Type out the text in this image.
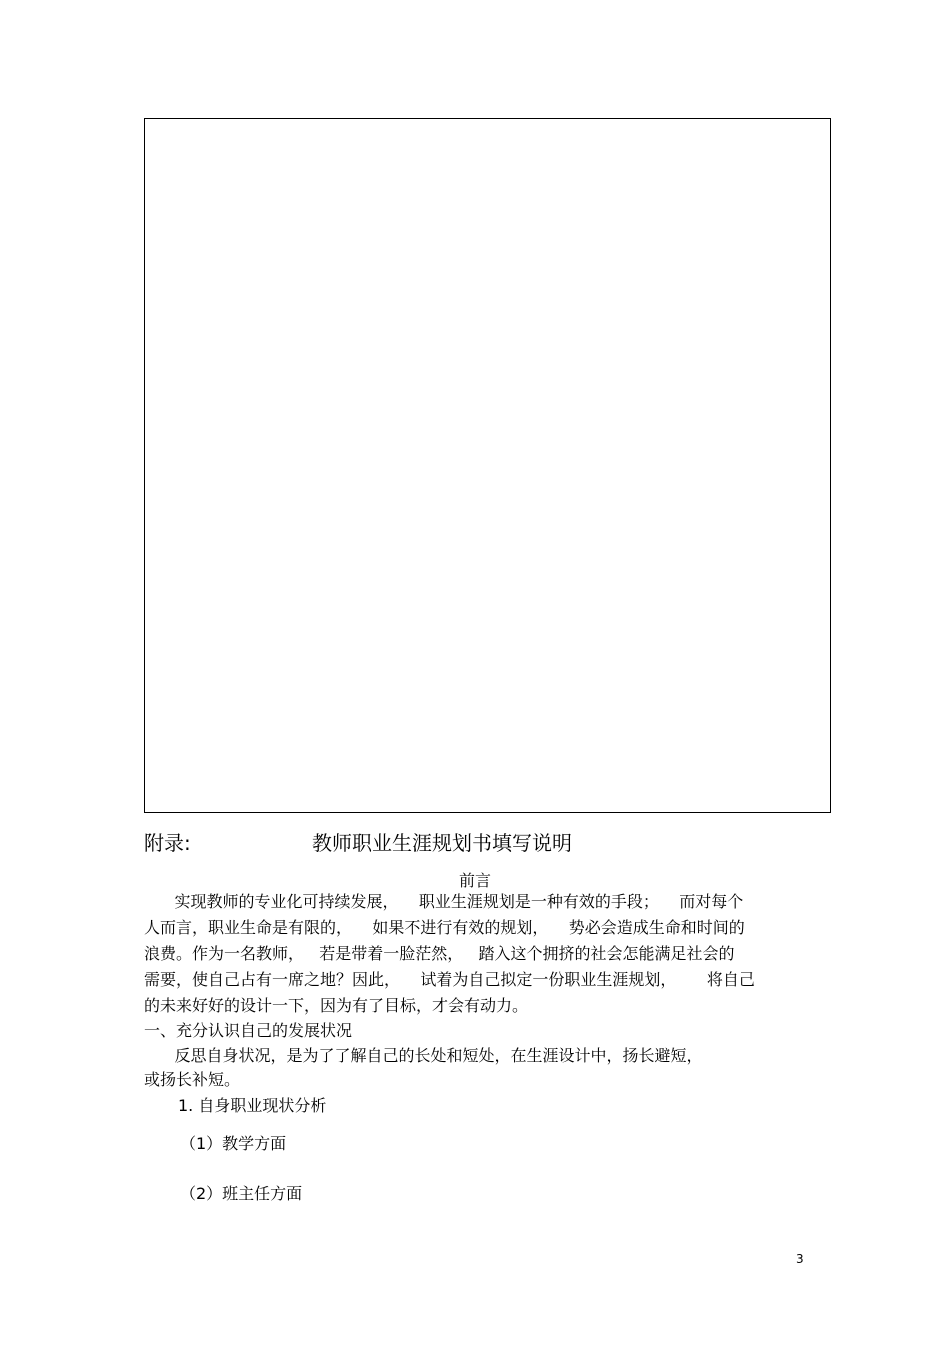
附录:	教师职业生涯规划书填写说明
前言
实现教师的专业化可持续发展，    职业生涯规划是一种有效的手段；    而对每个
人而言，职业生命是有限的，    如果不进行有效的规划，    势必会造成生命和时间的
浪费。作为一名教师，   若是带着一脸茫然，   踏入这个拥挤的社会怎能满足社会的
需要，使自己占有一席之地？因此，    试着为自己拟定一份职业生涯规划，      将自己
的未来好好的设计一下，因为有了目标，才会有动力。
一、充分认识自己的发展状况
反思自身状况，是为了了解自己的长处和短处，在生涯设计中，扬长避短，
或扬长补短。
1. 自身职业现状分析
（1）教学方面
（2）班主任方面
3
